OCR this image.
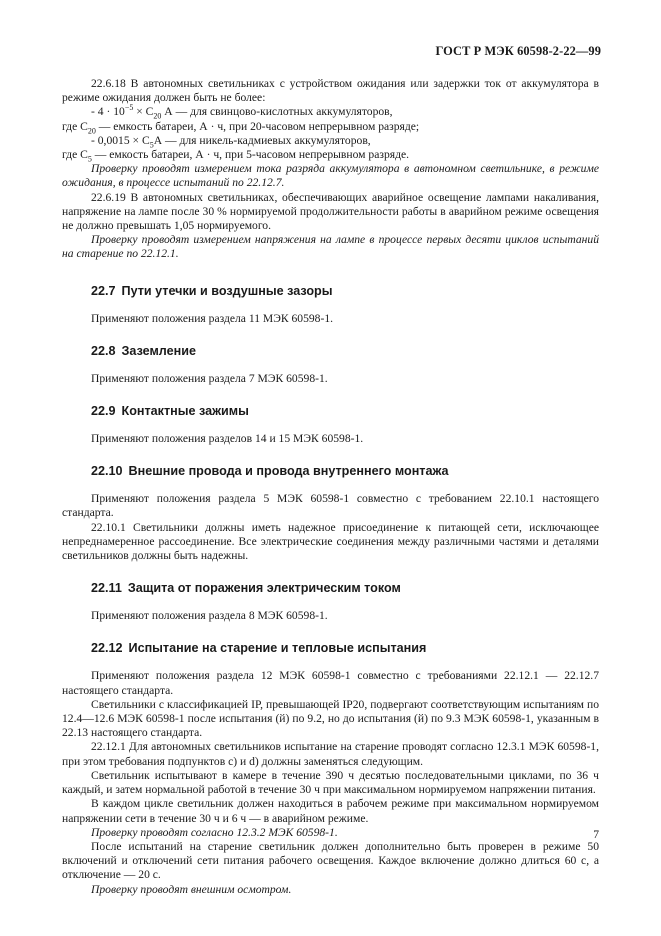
ГОСТ Р МЭК 60598-2-22—99

22.6.18 В автономных светильниках с устройством ожидания или задержки ток от аккумулятора в режиме ожидания должен быть не более:

- $4 \cdot 10^{-5} \times C_{20}$ А — для свинцово-кислотных аккумуляторов,

где $C_{20}$ — емкость батареи, А · ч, при 20-часовом непрерывном разряде;

- $0,0015 \times C_5А$ — для никель-кадмиевых аккумуляторов,

где $C_5$ — емкость батареи, А · ч, при 5-часовом непрерывном разряде.

Проверку проводят измерением тока разряда аккумулятора в автономном светильнике, в режиме ожидания, в процессе испытаний по 22.12.7.

22.6.19 В автономных светильниках, обеспечивающих аварийное освещение лампами накаливания, напряжение на лампе после 30 % нормируемой продолжительности работы в аварийном режиме освещения не должно превышать 1,05 нормируемого.

Проверку проводят измерением напряжения на лампе в процессе первых десяти циклов испытаний на старение по 22.12.1.

22.7 Пути утечки и воздушные зазоры

Применяют положения раздела 11 МЭК 60598-1.

22.8 Заземление

Применяют положения раздела 7 МЭК 60598-1.

22.9 Контактные зажимы

Применяют положения разделов 14 и 15 МЭК 60598-1.

22.10 Внешние провода и провода внутреннего монтажа

Применяют положения раздела 5 МЭК 60598-1 совместно с требованием 22.10.1 настоящего стандарта.

22.10.1 Светильники должны иметь надежное присоединение к питающей сети, исключающее непреднамеренное рассоединение. Все электрические соединения между различными частями и деталями светильников должны быть надежны.

22.11 Защита от поражения электрическим током

Применяют положения раздела 8 МЭК 60598-1.

22.12 Испытание на старение и тепловые испытания

Применяют положения раздела 12 МЭК 60598-1 совместно с требованиями 22.12.1 — 22.12.7 настоящего стандарта.

Светильники с классификацией IP, превышающей IP20, подвергают соответствующим испытаниям по 12.4—12.6 МЭК 60598-1 после испытания (й) по 9.2, но до испытания (й) по 9.3 МЭК 60598-1, указанным в 22.13 настоящего стандарта.

22.12.1 Для автономных светильников испытание на старение проводят согласно 12.3.1 МЭК 60598-1, при этом требования подпунктов с) и d) должны заменяться следующим.

Светильник испытывают в камере в течение 390 ч десятью последовательными циклами, по 36 ч каждый, и затем нормальной работой в течение 30 ч при максимальном нормируемом напряжении питания.

В каждом цикле светильник должен находиться в рабочем режиме при максимальном нормируемом напряжении сети в течение 30 ч и 6 ч — в аварийном режиме.

Проверку проводят согласно 12.3.2 МЭК 60598-1.

После испытаний на старение светильник должен дополнительно быть проверен в режиме 50 включений и отключений сети питания рабочего освещения. Каждое включение должно длиться 60 с, а отключение — 20 с.

Проверку проводят внешним осмотром.

7
